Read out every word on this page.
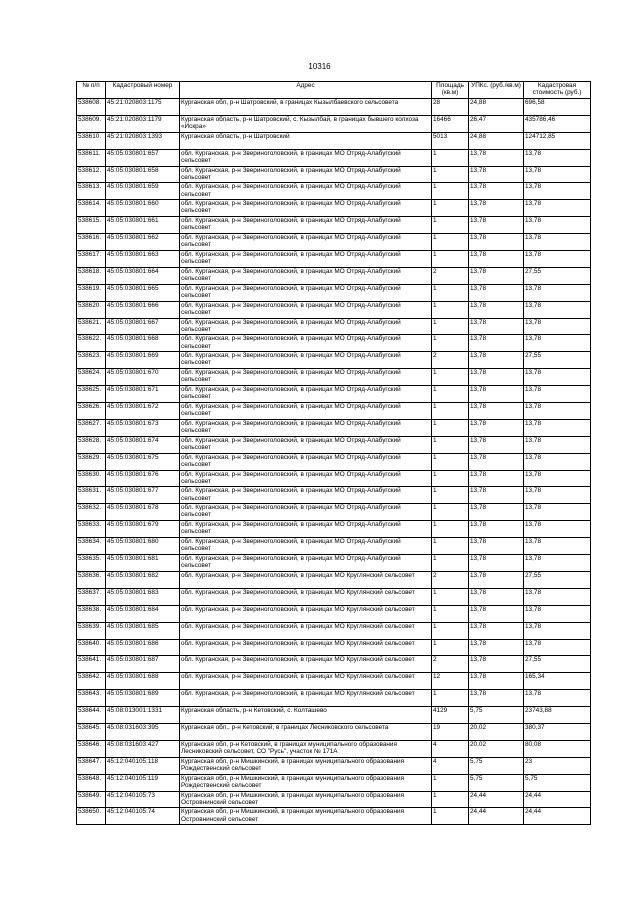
10316
№ п/п	Кадастровый номер	Адрес	Площадь (кв.м)	УПКс. (руб./кв.м)	Кадастровая стоимость (руб.)
538608.	45:21:020803:1175	Курганская обл, р-н Шатровский, в границах Кызылбаевского сельсовета	28	24,88	696,58
538609.	45:21:020803:1179	Курганская область, р-н Шатровский, с. Кызылбай, в границах бывшего колхоза «Искра»	16466	26,47	435786,46
538610.	45:21:020803:1393	Курганская область, р-н Шатровский	5013	24,88	124712,85
538611.	45:05:030801:657	обл. Курганская, р-н Звериноголовский, в границах МО Отряд-Алабугский сельсовет	1	13,78	13,78
538612.	45:05:030801:658	обл. Курганская, р-н Звериноголовский, в границах МО Отряд-Алабугский сельсовет	1	13,78	13,78
538613.	45:05:030801:659	обл. Курганская, р-н Звериноголовский, в границах МО Отряд-Алабугский сельсовет	1	13,78	13,78
538614.	45:05:030801:660	обл. Курганская, р-н Звериноголовский, в границах МО Отряд-Алабугский сельсовет	1	13,78	13,78
538615.	45:05:030801:661	обл. Курганская, р-н Звериноголовский, в границах МО Отряд-Алабугский сельсовет	1	13,78	13,78
538616.	45:05:030801:662	обл. Курганская, р-н Звериноголовский, в границах МО Отряд-Алабугский сельсовет	1	13,78	13,78
538617.	45:05:030801:663	обл. Курганская, р-н Звериноголовский, в границах МО Отряд-Алабугский сельсовет	1	13,78	13,78
538618.	45:05:030801:664	обл. Курганская, р-н Звериноголовский, в границах МО Отряд-Алабугский сельсовет	2	13,78	27,55
538619.	45:05:030801:665	обл. Курганская, р-н Звериноголовский, в границах МО Отряд-Алабугский сельсовет	1	13,78	13,78
538620.	45:05:030801:666	обл. Курганская, р-н Звериноголовский, в границах МО Отряд-Алабугский сельсовет	1	13,78	13,78
538621.	45:05:030801:667	обл. Курганская, р-н Звериноголовский, в границах МО Отряд-Алабугский сельсовет	1	13,78	13,78
538622.	45:05:030801:668	обл. Курганская, р-н Звериноголовский, в границах МО Отряд-Алабугский сельсовет	1	13,78	13,78
538623.	45:05:030801:669	обл. Курганская, р-н Звериноголовский, в границах МО Отряд-Алабугский сельсовет	2	13,78	27,55
538624.	45:05:030801:670	обл. Курганская, р-н Звериноголовский, в границах МО Отряд-Алабугский сельсовет	1	13,78	13,78
538625.	45:05:030801:671	обл. Курганская, р-н Звериноголовский, в границах МО Отряд-Алабугский сельсовет	1	13,78	13,78
538626.	45:05:030801:672	обл. Курганская, р-н Звериноголовский, в границах МО Отряд-Алабугский сельсовет	1	13,78	13,78
538627.	45:05:030801:673	обл. Курганская, р-н Звериноголовский, в границах МО Отряд-Алабугский сельсовет	1	13,78	13,78
538628.	45:05:030801:674	обл. Курганская, р-н Звериноголовский, в границах МО Отряд-Алабугский сельсовет	1	13,78	13,78
538629.	45:05:030801:675	обл. Курганская, р-н Звериноголовский, в границах МО Отряд-Алабугский сельсовет	1	13,78	13,78
538630.	45:05:030801:676	обл. Курганская, р-н Звериноголовский, в границах МО Отряд-Алабугский сельсовет	1	13,78	13,78
538631.	45:05:030801:677	обл. Курганская, р-н Звериноголовский, в границах МО Отряд-Алабугский сельсовет	1	13,78	13,78
538632.	45:05:030801:678	обл. Курганская, р-н Звериноголовский, в границах МО Отряд-Алабугский сельсовет	1	13,78	13,78
538633.	45:05:030801:679	обл. Курганская, р-н Звериноголовский, в границах МО Отряд-Алабугский сельсовет	1	13,78	13,78
538634.	45:05:030801:680	обл. Курганская, р-н Звериноголовский, в границах МО Отряд-Алабугский сельсовет	1	13,78	13,78
538635.	45:05:030801:681	обл. Курганская, р-н Звериноголовский, в границах МО Отряд-Алабугский сельсовет	1	13,78	13,78
538636.	45:05:030801:682	обл. Курганская, р-н Звериноголовский, в границах МО Круглянский сельсовет	2	13,78	27,55
538637.	45:05:030801:683	обл. Курганская, р-н Звериноголовский, в границах МО Круглянский сельсовет	1	13,78	13,78
538638.	45:05:030801:684	обл. Курганская, р-н Звериноголовский, в границах МО Круглянский сельсовет	1	13,78	13,78
538639.	45:05:030801:685	обл. Курганская, р-н Звериноголовский, в границах МО Круглянский сельсовет	1	13,78	13,78
538640.	45:05:030801:686	обл. Курганская, р-н Звериноголовский, в границах МО Круглянский сельсовет	1	13,78	13,78
538641.	45:05:030801:687	обл. Курганская, р-н Звериноголовский, в границах МО Круглянский сельсовет	2	13,78	27,55
538642.	45:05:030801:688	обл. Курганская, р-н Звериноголовский, в границах МО Круглянский сельсовет	12	13,78	165,34
538643.	45:05:030801:689	обл. Курганская, р-н Звериноголовский, в границах МО Круглянский сельсовет	1	13,78	13,78
538644.	45:08:013001:1331	Курганская область, р-н Кетовский, с. Колташево	4129	5,75	23743,88
538645.	45:08:031603:395	Курганская обл., р-н Кетовский, в границах Лесниковского сельсовета	19	20,02	380,37
538646.	45:08:031603:427	Курганская обл, р-н Кетовский, в границах муниципального образования Лесниковский сельсовет, СО "Русь", участок № 171А	4	20,02	80,08
538647.	45:12:040105:118	Курганская обл, р-н Мишкинский, в границах муниципального образования Рождественский сельсовет	4	5,75	23
538648.	45:12:040105:119	Курганская обл, р-н Мишкинский, в границах муниципального образования Рождественский сельсовет	1	5,75	5,75
538649.	45:12:040105:73	Курганская обл, р-н Мишкинский, в границах муниципального образования Островнинский сельсовет	1	24,44	24,44
538650.	45:12:040105:74	Курганская обл, р-н Мишкинский, в границах муниципального образования Островнинский сельсовет	1	24,44	24,44
